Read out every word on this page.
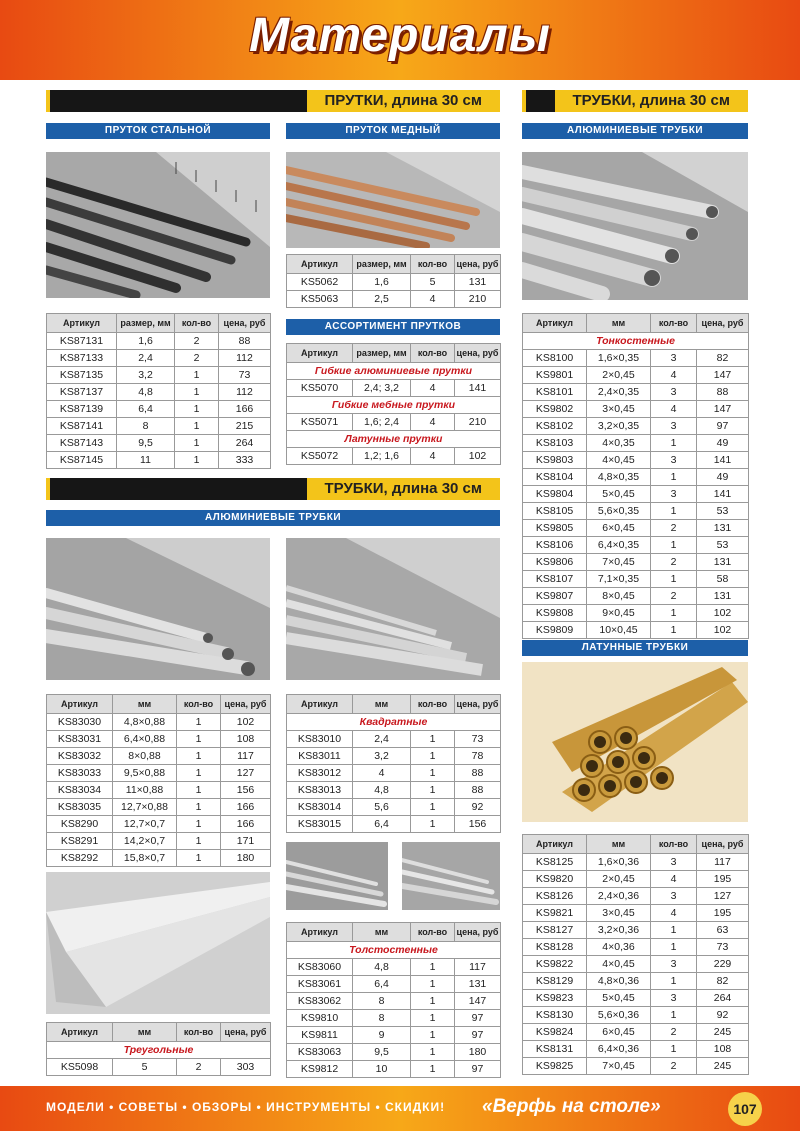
Материалы
ПРУТКИ, длина 30 см	ТРУБКИ, длина 30 см
ТРУБКИ, длина 30 см
ПРУТОК СТАЛЬНОЙ	ПРУТОК МЕДНЫЙ
АССОРТИМЕНТ ПРУТКОВ
АЛЮМИНИЕВЫЕ ТРУБКИ
АЛЮМИНИЕВЫЕ ТРУБКИ
ЛАТУННЫЕ ТРУБКИ
Артикул	размер, мм	кол-во	цена, руб
KS87131	1,6	2	88
KS87133	2,4	2	112
KS87135	3,2	1	73
KS87137	4,8	1	112
KS87139	6,4	1	166
KS87141	8	1	215
KS87143	9,5	1	264
KS87145	11	1	333
Артикул	размер, мм	кол-во	цена, руб
KS5062	1,6	5	131
KS5063	2,5	4	210
Артикул	размер, мм	кол-во	цена, руб
Гибкие алюминиевые прутки			
KS5070	2,4; 3,2	4	141
Гибкие мебные прутки			
KS5071	1,6; 2,4	4	210
Латунные прутки			
KS5072	1,2; 1,6	4	102
Артикул	мм	кол-во	цена, руб
KS83030	4,8×0,88	1	102
KS83031	6,4×0,88	1	108
KS83032	8×0,88	1	117
KS83033	9,5×0,88	1	127
KS83034	11×0,88	1	156
KS83035	12,7×0,88	1	166
KS8290	12,7×0,7	1	166
KS8291	14,2×0,7	1	171
KS8292	15,8×0,7	1	180
Артикул	мм	кол-во	цена, руб
Квадратные			
KS83010	2,4	1	73
KS83011	3,2	1	78
KS83012	4	1	88
KS83013	4,8	1	88
KS83014	5,6	1	92
KS83015	6,4	1	156
Артикул	мм	кол-во	цена, руб
Толстостенные			
KS83060	4,8	1	117
KS83061	6,4	1	131
KS83062	8	1	147
KS9810	8	1	97
KS9811	9	1	97
KS83063	9,5	1	180
KS9812	10	1	97
Артикул	мм	кол-во	цена, руб
Треугольные			
KS5098	5	2	303
Артикул	мм	кол-во	цена, руб
Тонкостенные			
KS8100	1,6×0,35	3	82
KS9801	2×0,45	4	147
KS8101	2,4×0,35	3	88
KS9802	3×0,45	4	147
KS8102	3,2×0,35	3	97
KS8103	4×0,35	1	49
KS9803	4×0,45	3	141
KS8104	4,8×0,35	1	49
KS9804	5×0,45	3	141
KS8105	5,6×0,35	1	53
KS9805	6×0,45	2	131
KS8106	6,4×0,35	1	53
KS9806	7×0,45	2	131
KS8107	7,1×0,35	1	58
KS9807	8×0,45	2	131
KS9808	9×0,45	1	102
KS9809	10×0,45	1	102
Артикул	мм	кол-во	цена, руб
KS8125	1,6×0,36	3	117
KS9820	2×0,45	4	195
KS8126	2,4×0,36	3	127
KS9821	3×0,45	4	195
KS8127	3,2×0,36	1	63
KS8128	4×0,36	1	73
KS9822	4×0,45	3	229
KS8129	4,8×0,36	1	82
KS9823	5×0,45	3	264
KS8130	5,6×0,36	1	92
KS9824	6×0,45	2	245
KS8131	6,4×0,36	1	108
KS9825	7×0,45	2	245
МОДЕЛИ • СОВЕТЫ • ОБЗОРЫ • ИНСТРУМЕНТЫ • СКИДКИ! «Верфь на столе»	107
